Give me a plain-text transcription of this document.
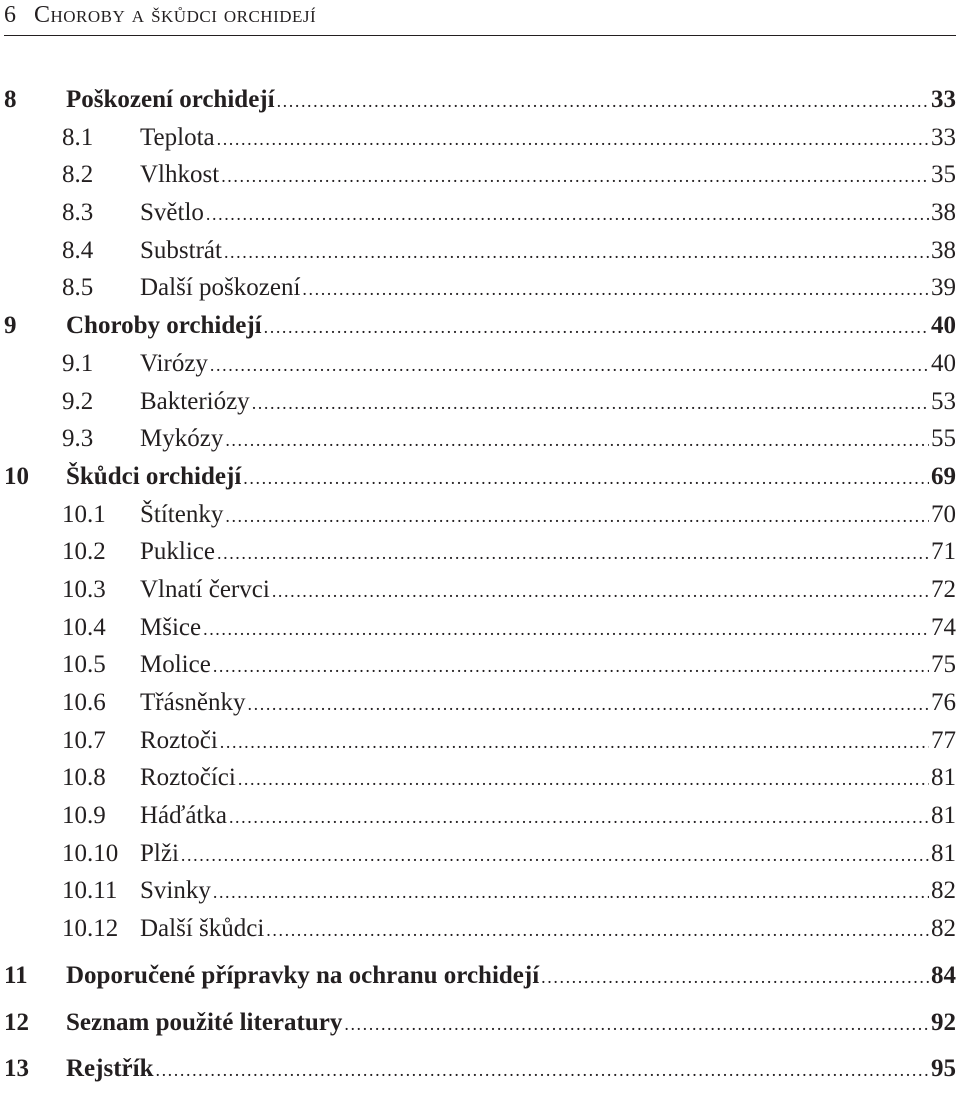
6 Choroby a škůdci orchidejí
8	Poškození orchidejí .....	33
8.1	Teplota .....	33
8.2	Vlhkost .....	35
8.3	Světlo .....	38
8.4	Substrát .....	38
8.5	Další poškození .....	39
9	Choroby orchidejí .....	40
9.1	Virózy .....	40
9.2	Bakteriózy .....	53
9.3	Mykózy .....	55
10	Škůdci orchidejí .....	69
10.1	Štítenky .....	70
10.2	Puklice .....	71
10.3	Vlnatí červci .....	72
10.4	Mšice .....	74
10.5	Molice .....	75
10.6	Třásněnky .....	76
10.7	Roztoči .....	77
10.8	Roztočíci .....	81
10.9	Háďátka .....	81
10.10 Plži .....	81
10.11 Svinky .....	82
10.12 Další škůdci .....	82
11	Doporučené přípravky na ochranu orchidejí .....	84
12	Seznam použité literatury .....	92
13	Rejstřík .....	95
